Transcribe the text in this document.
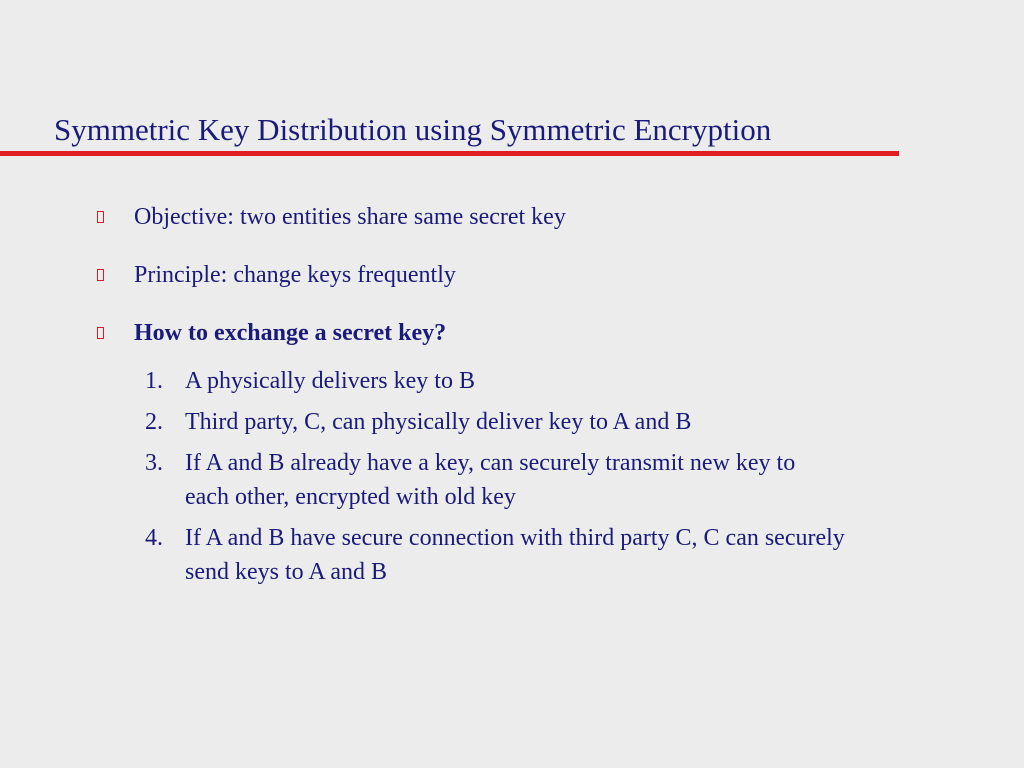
Symmetric Key Distribution using Symmetric Encryption
Objective: two entities share same secret key
Principle: change keys frequently
How to exchange a secret key?
1. A physically delivers key to B
2. Third party, C, can physically deliver key to A and B
3. If A and B already have a key, can securely transmit new key to
each other, encrypted with old key
4. If A and B have secure connection with third party C, C can securely
send keys to A and B
